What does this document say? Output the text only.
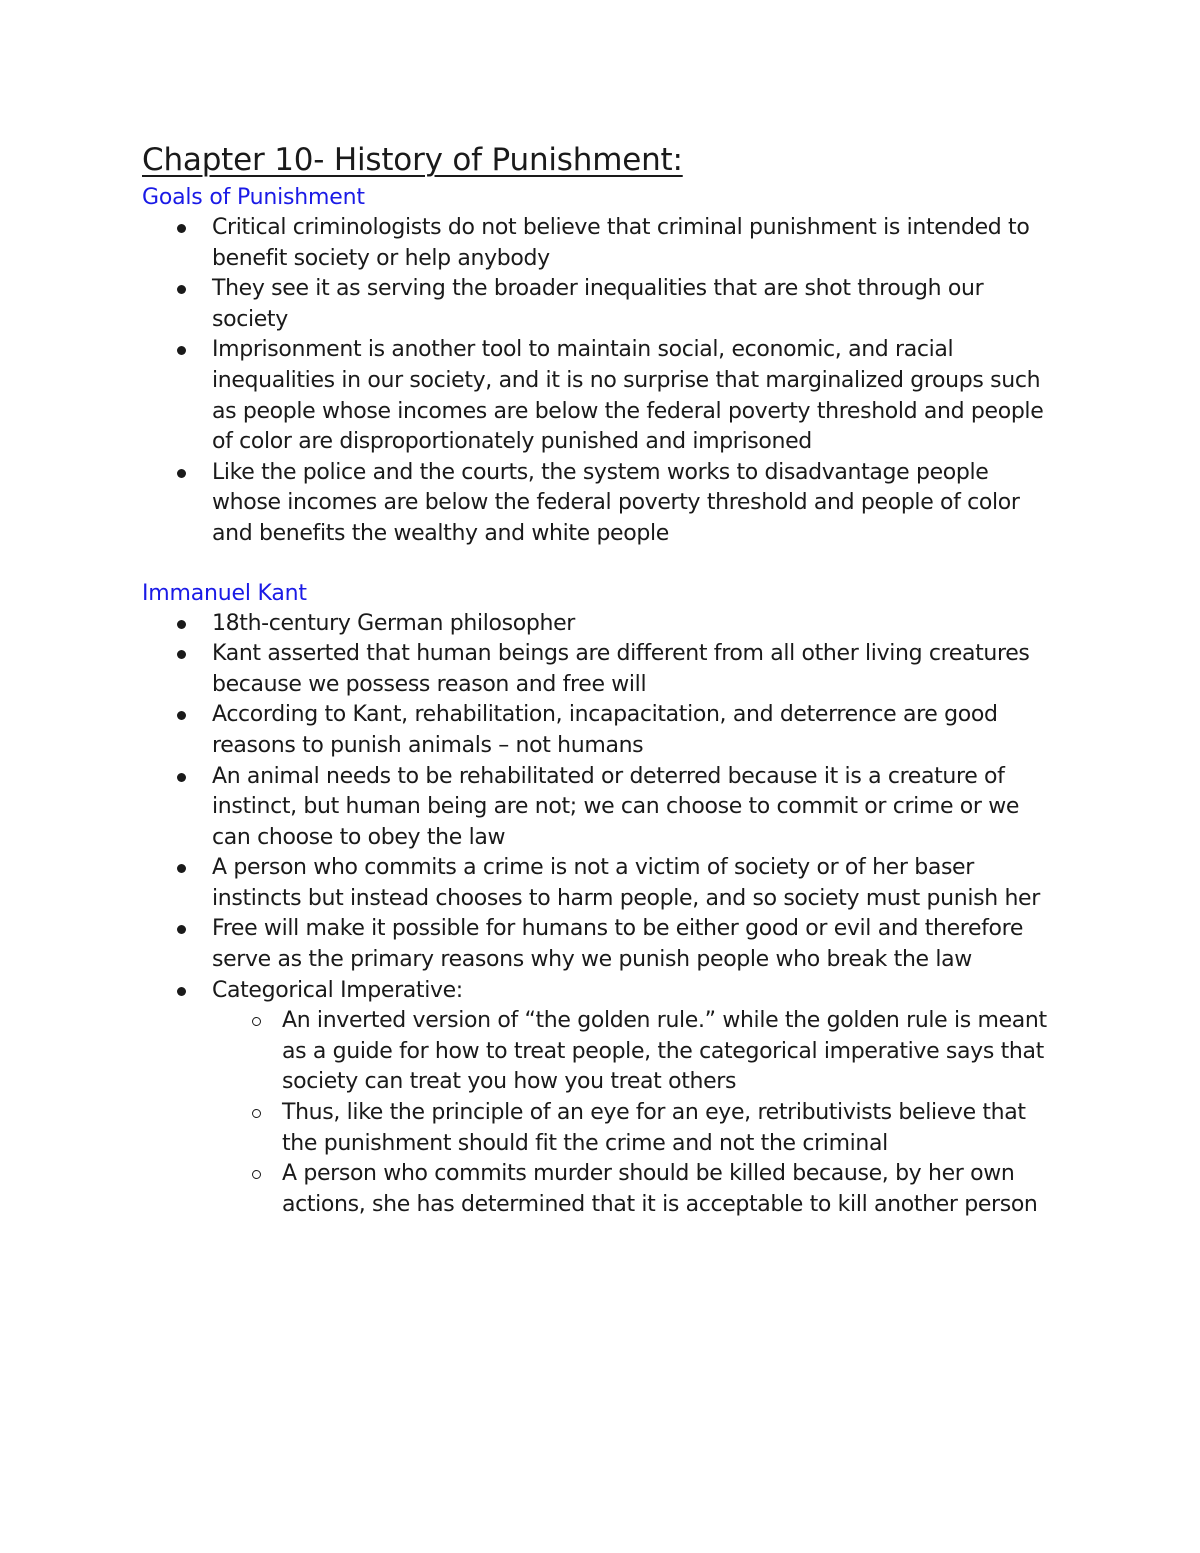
Chapter 10- History of Punishment:
Goals of Punishment
Critical criminologists do not believe that criminal punishment is intended to benefit society or help anybody
They see it as serving the broader inequalities that are shot through our society
Imprisonment is another tool to maintain social, economic, and racial inequalities in our society, and it is no surprise that marginalized groups such as people whose incomes are below the federal poverty threshold and people of color are disproportionately punished and imprisoned
Like the police and the courts, the system works to disadvantage people whose incomes are below the federal poverty threshold and people of color and benefits the wealthy and white people
Immanuel Kant
18th-century German philosopher
Kant asserted that human beings are different from all other living creatures because we possess reason and free will
According to Kant, rehabilitation, incapacitation, and deterrence are good reasons to punish animals – not humans
An animal needs to be rehabilitated or deterred because it is a creature of instinct, but human being are not; we can choose to commit or crime or we can choose to obey the law
A person who commits a crime is not a victim of society or of her baser instincts but instead chooses to harm people, and so society must punish her
Free will make it possible for humans to be either good or evil and therefore serve as the primary reasons why we punish people who break the law
Categorical Imperative:
An inverted version of “the golden rule.” while the golden rule is meant as a guide for how to treat people, the categorical imperative says that society can treat you how you treat others
Thus, like the principle of an eye for an eye, retributivists believe that the punishment should fit the crime and not the criminal
A person who commits murder should be killed because, by her own actions, she has determined that it is acceptable to kill another person
